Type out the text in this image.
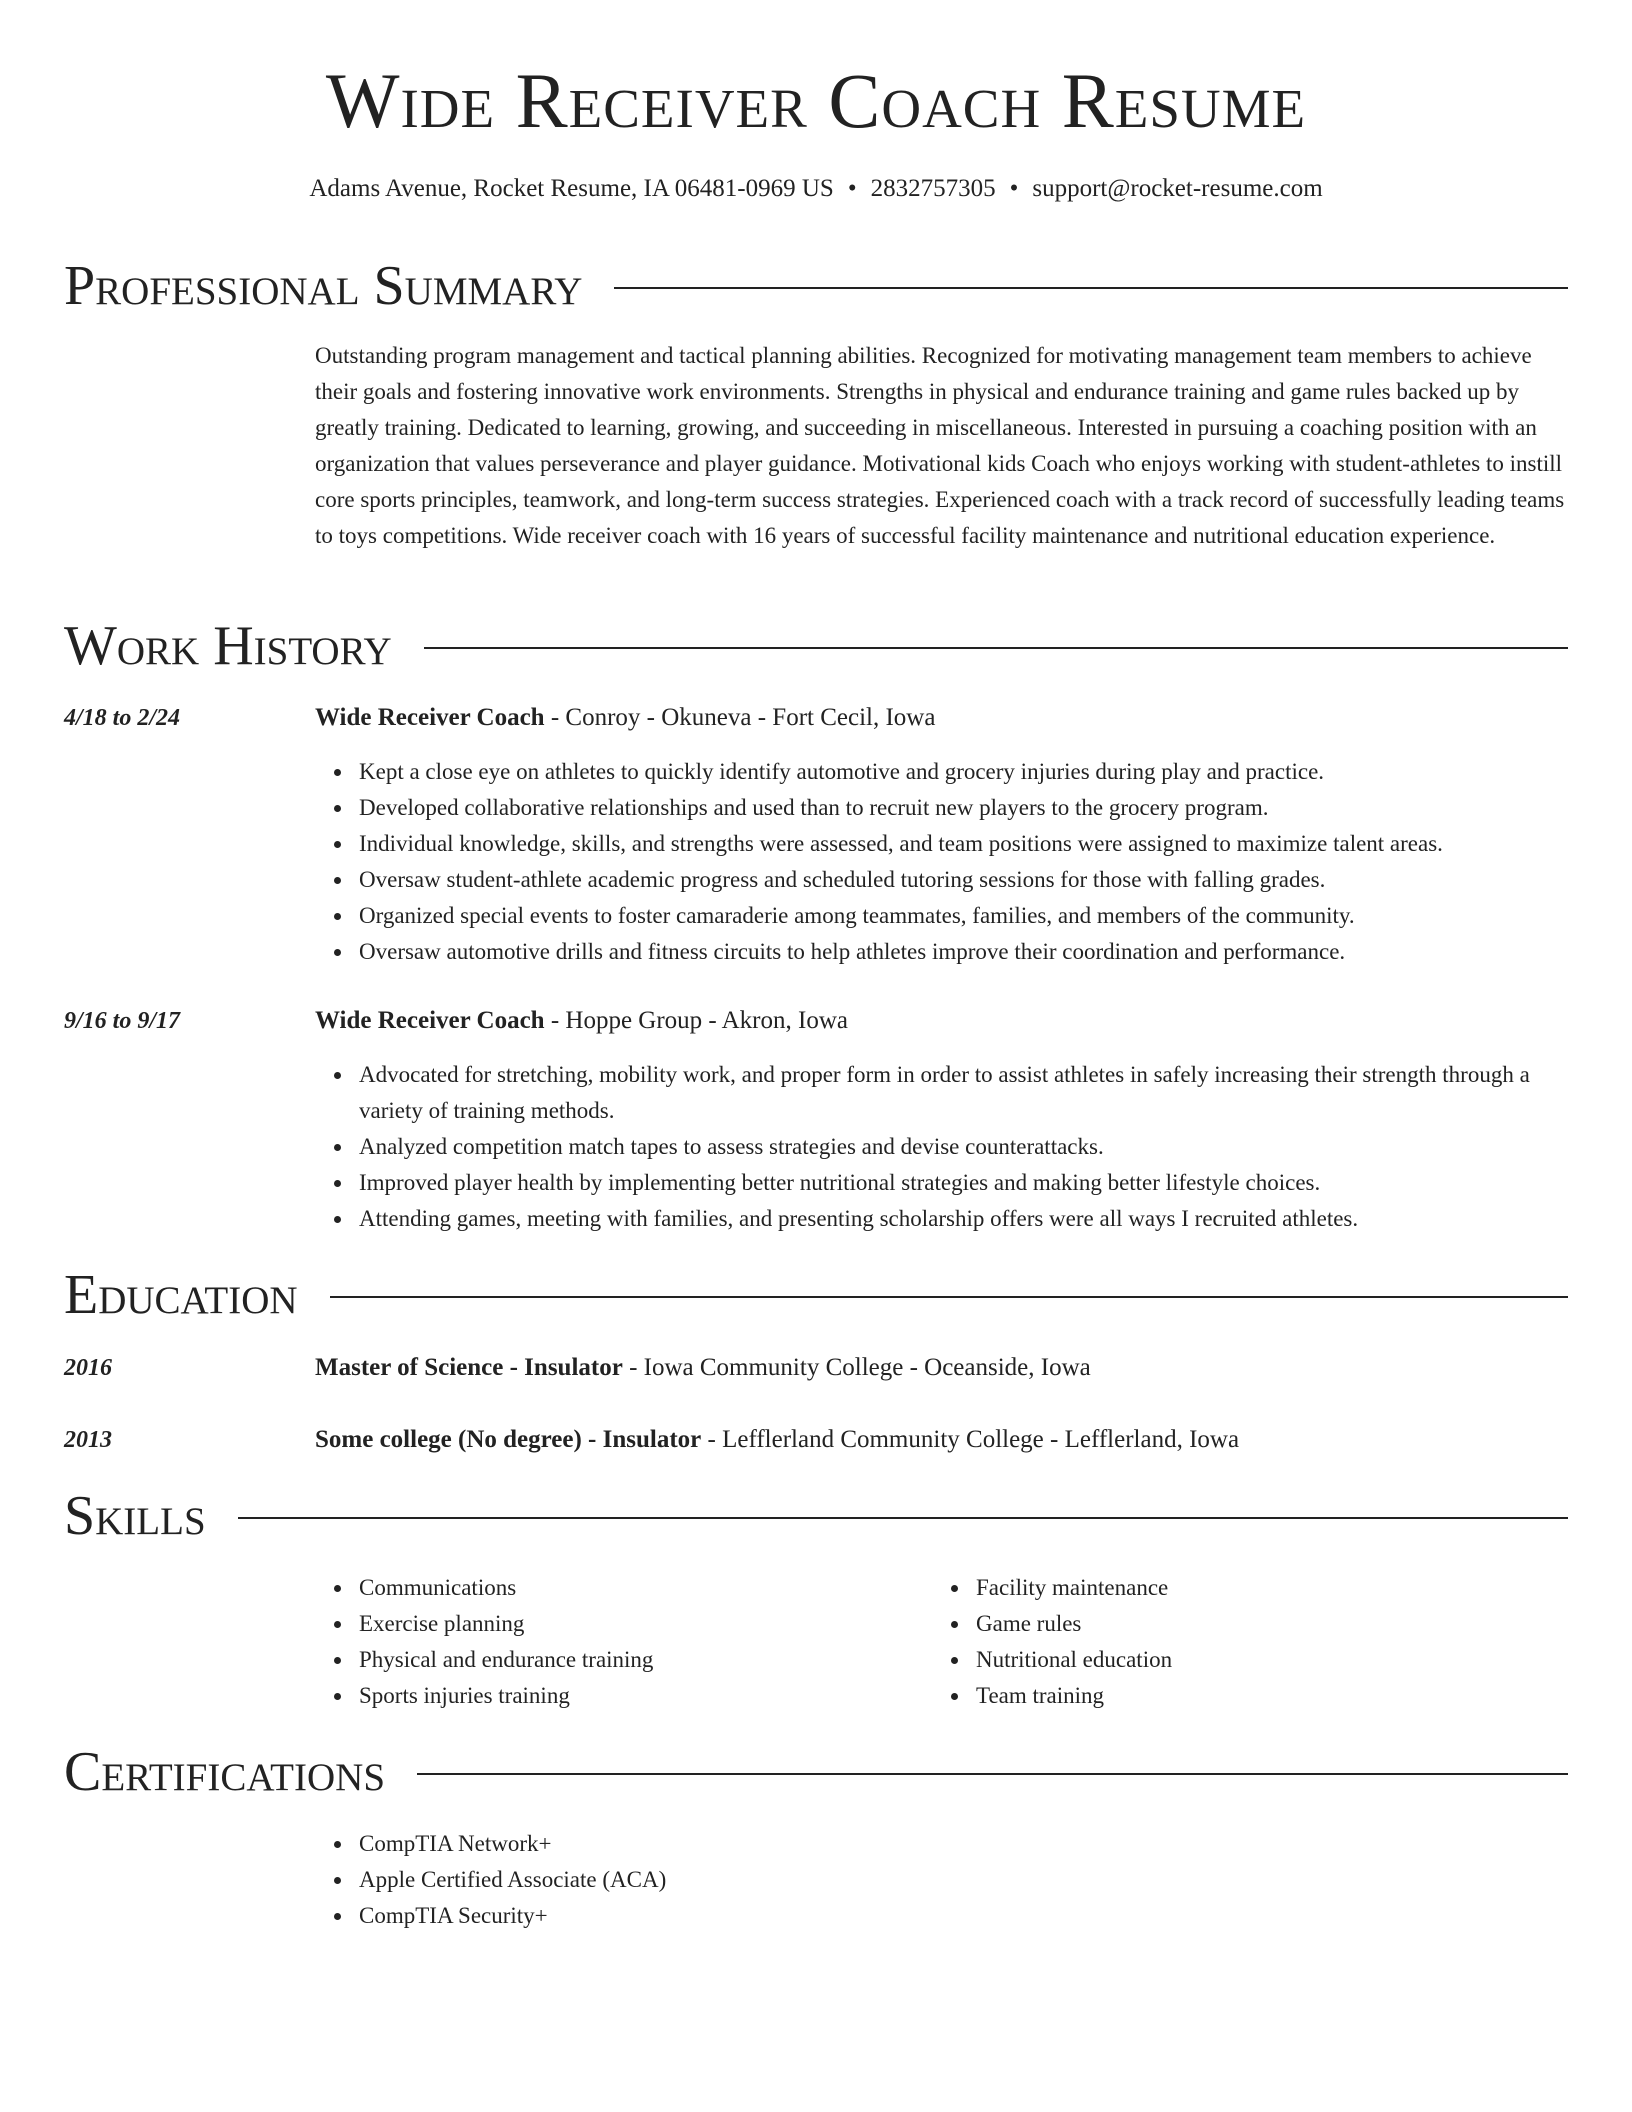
Wide Receiver Coach Resume
Adams Avenue, Rocket Resume, IA 06481-0969 US • 2832757305 • support@rocket-resume.com
Professional Summary

Outstanding program management and tactical planning abilities. Recognized for motivating management team members to achieve their goals and fostering innovative work environments. Strengths in physical and endurance training and game rules backed up by greatly training. Dedicated to learning, growing, and succeeding in miscellaneous. Interested in pursuing a coaching position with an organization that values perseverance and player guidance. Motivational kids Coach who enjoys working with student-athletes to instill core sports principles, teamwork, and long-term success strategies. Experienced coach with a track record of successfully leading teams to toys competitions. Wide receiver coach with 16 years of successful facility maintenance and nutritional education experience.

Work History
4/18 to 2/24	Wide Receiver Coach - Conroy - Okuneva - Fort Cecil, Iowa
Kept a close eye on athletes to quickly identify automotive and grocery injuries during play and practice.
Developed collaborative relationships and used than to recruit new players to the grocery program.
Individual knowledge, skills, and strengths were assessed, and team positions were assigned to maximize talent areas.
Oversaw student-athlete academic progress and scheduled tutoring sessions for those with falling grades.
Organized special events to foster camaraderie among teammates, families, and members of the community.
Oversaw automotive drills and fitness circuits to help athletes improve their coordination and performance.
9/16 to 9/17	Wide Receiver Coach - Hoppe Group - Akron, Iowa
Advocated for stretching, mobility work, and proper form in order to assist athletes in safely increasing their strength through a variety of training methods.
Analyzed competition match tapes to assess strategies and devise counterattacks.
Improved player health by implementing better nutritional strategies and making better lifestyle choices.
Attending games, meeting with families, and presenting scholarship offers were all ways I recruited athletes.
Education
2016	Master of Science - Insulator - Iowa Community College - Oceanside, Iowa
2013	Some college (No degree) - Insulator - Lefflerland Community College - Lefflerland, Iowa
Skills
Communications
Exercise planning
Physical and endurance training
Sports injuries training
Facility maintenance
Game rules
Nutritional education
Team training
Certifications
CompTIA Network+
Apple Certified Associate (ACA)
CompTIA Security+
